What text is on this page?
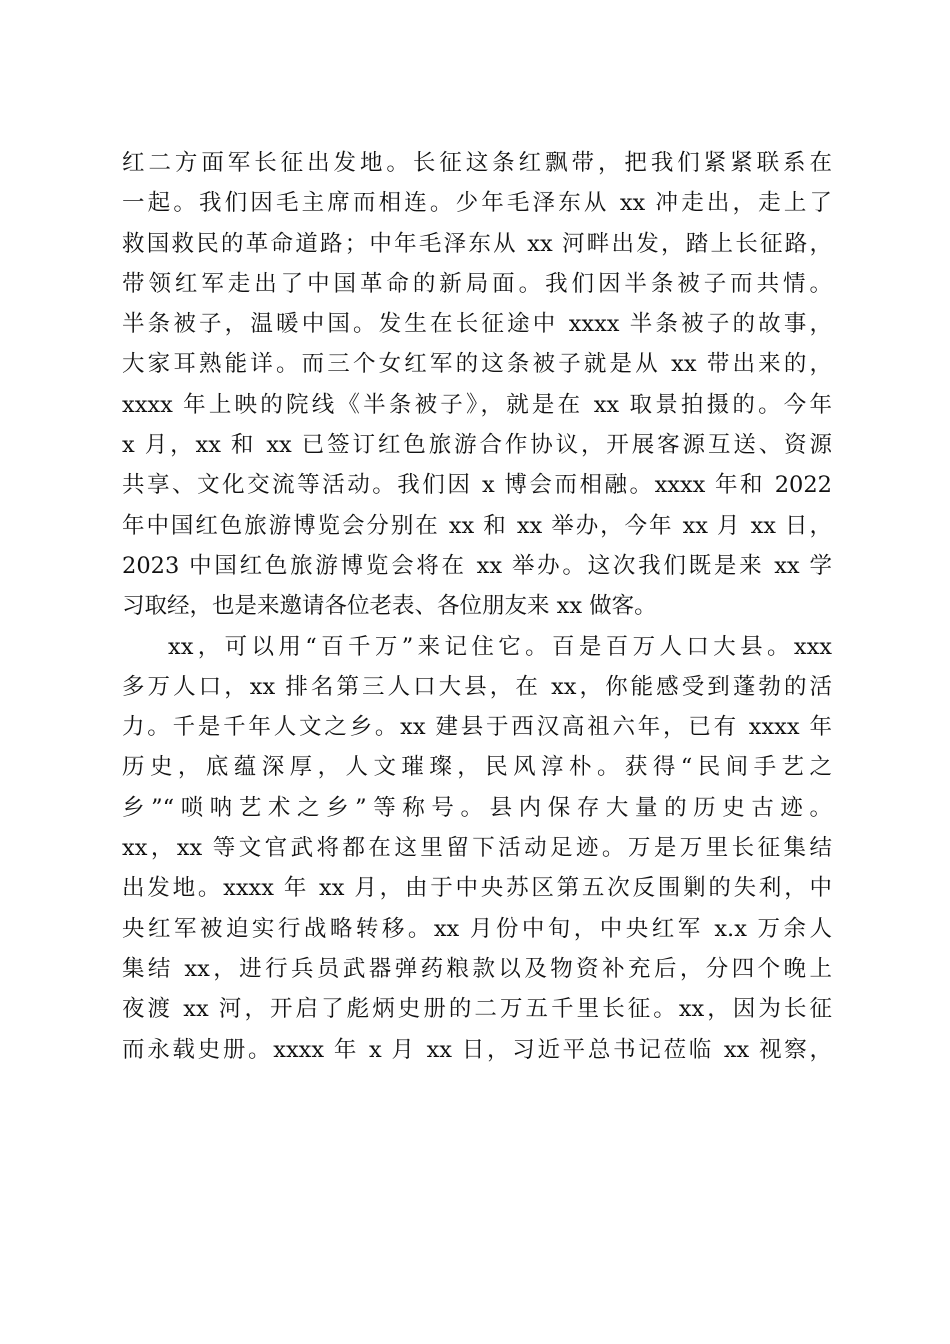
红二方面军长征出发地。长征这条红飘带，把我们紧紧联系在
一起。我们因毛主席而相连。少年毛泽东从 xx 冲走出，走上了
救国救民的革命道路；中年毛泽东从 xx 河畔出发，踏上长征路，
带领红军走出了中国革命的新局面。我们因半条被子而共情。
半条被子，温暖中国。发生在长征途中 xxxx 半条被子的故事，
大家耳熟能详。而三个女红军的这条被子就是从 xx 带出来的，
xxxx 年上映的院线《半条被子》，就是在 xx 取景拍摄的。今年
x 月，xx 和 xx 已签订红色旅游合作协议，开展客源互送、资源
共享、文化交流等活动。我们因 x 博会而相融。xxxx 年和 2022
年中国红色旅游博览会分别在 xx 和 xx 举办，今年 xx 月 xx 日，
2023 中国红色旅游博览会将在 xx 举办。这次我们既是来 xx 学
习取经，也是来邀请各位老表、各位朋友来 xx 做客。
xx，可以用“百千万”来记住它。百是百万人口大县。xxx
多万人口，xx 排名第三人口大县，在 xx，你能感受到蓬勃的活
力。千是千年人文之乡。xx 建县于西汉高祖六年，已有 xxxx 年
历史，底蕴深厚，人文璀璨，民风淳朴。获得“民间手艺之
乡”“唢呐艺术之乡”等称号。县内保存大量的历史古迹。
xx，xx 等文官武将都在这里留下活动足迹。万是万里长征集结
出发地。xxxx 年 xx 月，由于中央苏区第五次反围剿的失利，中
央红军被迫实行战略转移。xx 月份中旬，中央红军 x.x 万余人
集结 xx，进行兵员武器弹药粮款以及物资补充后，分四个晚上
夜渡 xx 河，开启了彪炳史册的二万五千里长征。xx，因为长征
而永载史册。xxxx 年 x 月 xx 日，习近平总书记莅临 xx 视察，
